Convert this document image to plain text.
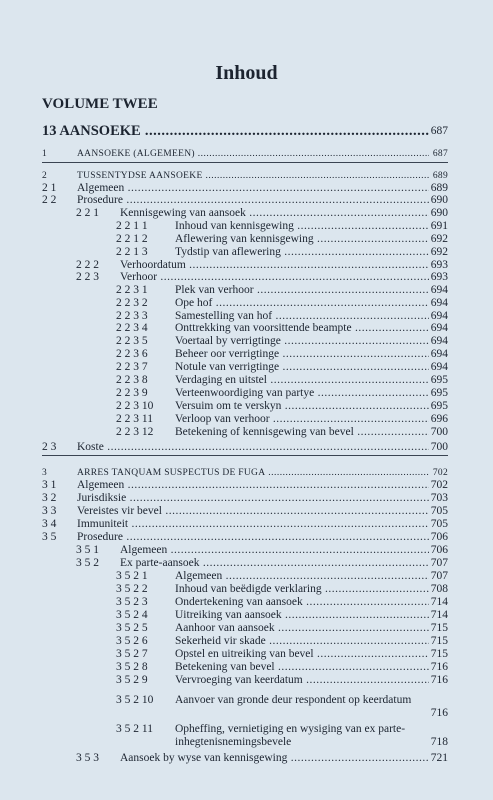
Inhoud
VOLUME TWEE
13 AANSOEKE .....	687
1	AANSOEKE (ALGEMEEN) .....	687
2	TUSSENTYDSE AANSOEKE .....	689
2 1 Algemeen .....	689
2 2 Prosedure .....	690
2 2 1 Kennisgewing van aansoek .....	690
2 2 1 1 Inhoud van kennisgewing .....	691
2 2 1 2 Aflewering van kennisgewing .....	692
2 2 1 3 Tydstip van aflewering .....	692
2 2 2 Verhoordatum .....	693
2 2 3 Verhoor .....	693
2 2 3 1 Plek van verhoor .....	694
2 2 3 2 Ope hof .....	694
2 2 3 3 Samestelling van hof .....	694
2 2 3 4 Onttrekking van voorsittende beampte .....	694
2 2 3 5 Voertaal by verrigtinge .....	694
2 2 3 6 Beheer oor verrigtinge .....	694
2 2 3 7 Notule van verrigtinge .....	694
2 2 3 8 Verdaging en uitstel .....	695
2 2 3 9 Verteenwoordiging van partye .....	695
2 2 3 10 Versuim om te verskyn .....	695
2 2 3 11 Verloop van verhoor .....	696
2 2 3 12 Betekening of kennisgewing van bevel .....	700
2 3 Koste .....	700
3	ARRES TANQUAM SUSPECTUS DE FUGA .....	702
3 1 Algemeen .....	702
3 2 Jurisdiksie .....	703
3 3 Vereistes vir bevel .....	705
3 4 Immuniteit .....	705
3 5 Prosedure .....	706
3 5 1 Algemeen .....	706
3 5 2 Ex parte-aansoek .....	707
3 5 2 1 Algemeen .....	707
3 5 2 2 Inhoud van beëdigde verklaring .....	708
3 5 2 3 Ondertekening van aansoek .....	714
3 5 2 4 Uitreiking van aansoek .....	714
3 5 2 5 Aanhoor van aansoek .....	715
3 5 2 6 Sekerheid vir skade .....	715
3 5 2 7 Opstel en uitreiking van bevel .....	715
3 5 2 8 Betekening van bevel .....	716
3 5 2 9 Vervroeging van keerdatum .....	716
3 5 2 10 Aanvoer van gronde deur respondent op keerdatum
716
3 5 2 11 Opheffing, vernietiging en wysiging van ex parte-inhegtenisnemingsbevele	718
3 5 3 Aansoek by wyse van kennisgewing .....	721
